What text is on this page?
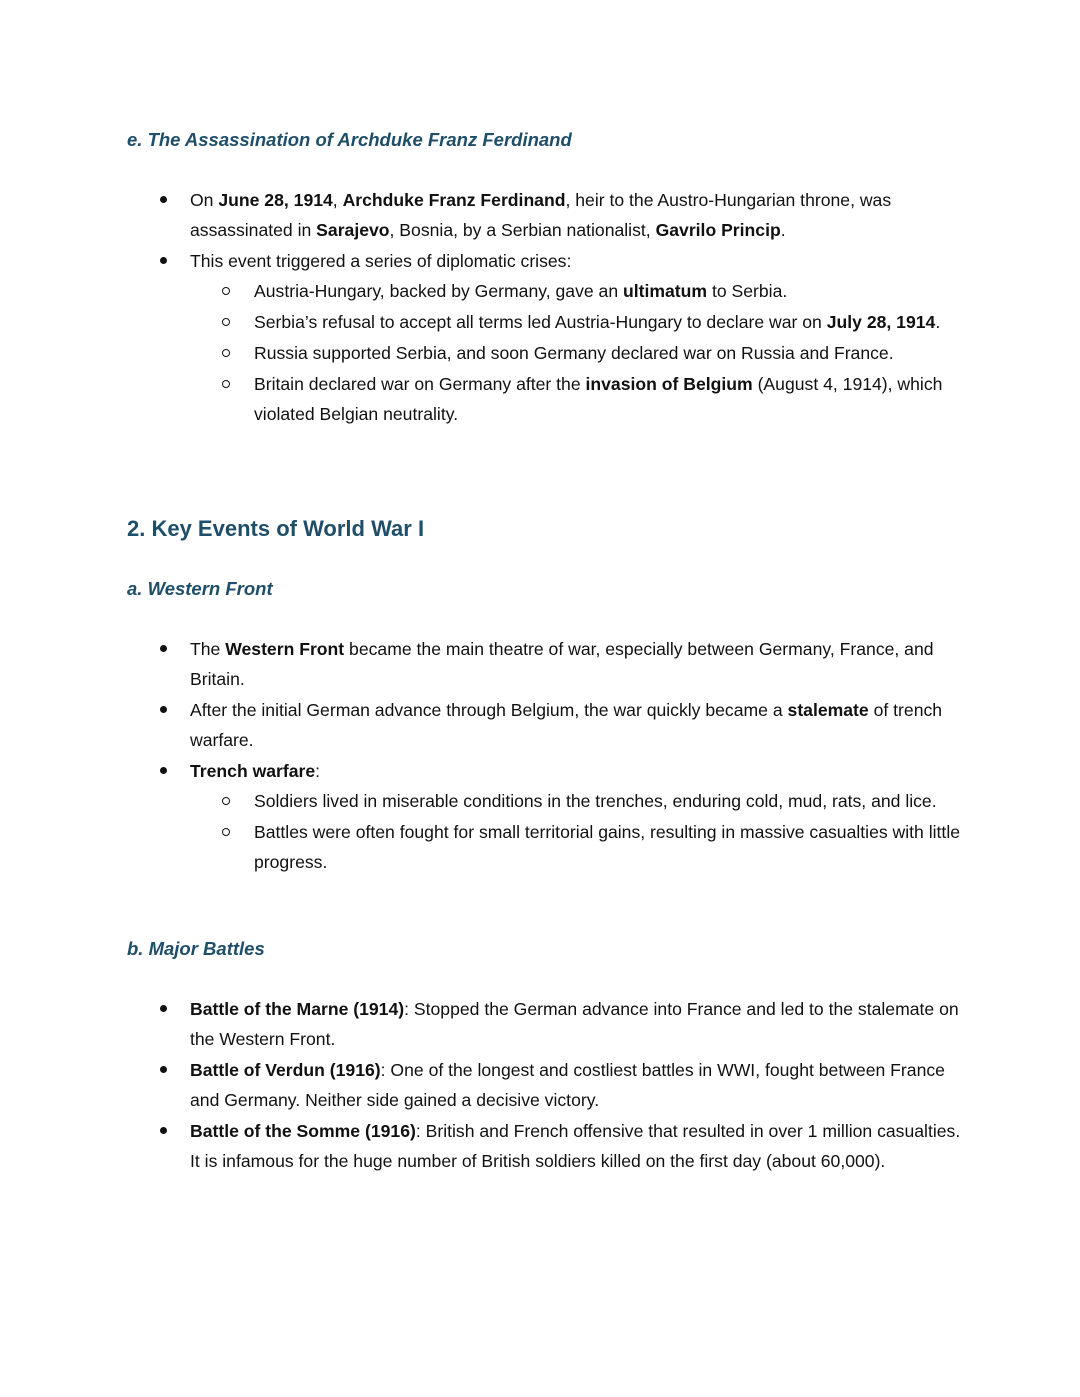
e. The Assassination of Archduke Franz Ferdinand
On June 28, 1914, Archduke Franz Ferdinand, heir to the Austro-Hungarian throne, was assassinated in Sarajevo, Bosnia, by a Serbian nationalist, Gavrilo Princip.
This event triggered a series of diplomatic crises:
Austria-Hungary, backed by Germany, gave an ultimatum to Serbia.
Serbia’s refusal to accept all terms led Austria-Hungary to declare war on July 28, 1914.
Russia supported Serbia, and soon Germany declared war on Russia and France.
Britain declared war on Germany after the invasion of Belgium (August 4, 1914), which violated Belgian neutrality.
2. Key Events of World War I
a. Western Front
The Western Front became the main theatre of war, especially between Germany, France, and Britain.
After the initial German advance through Belgium, the war quickly became a stalemate of trench warfare.
Trench warfare:
Soldiers lived in miserable conditions in the trenches, enduring cold, mud, rats, and lice.
Battles were often fought for small territorial gains, resulting in massive casualties with little progress.
b. Major Battles
Battle of the Marne (1914): Stopped the German advance into France and led to the stalemate on the Western Front.
Battle of Verdun (1916): One of the longest and costliest battles in WWI, fought between France and Germany. Neither side gained a decisive victory.
Battle of the Somme (1916): British and French offensive that resulted in over 1 million casualties. It is infamous for the huge number of British soldiers killed on the first day (about 60,000).
